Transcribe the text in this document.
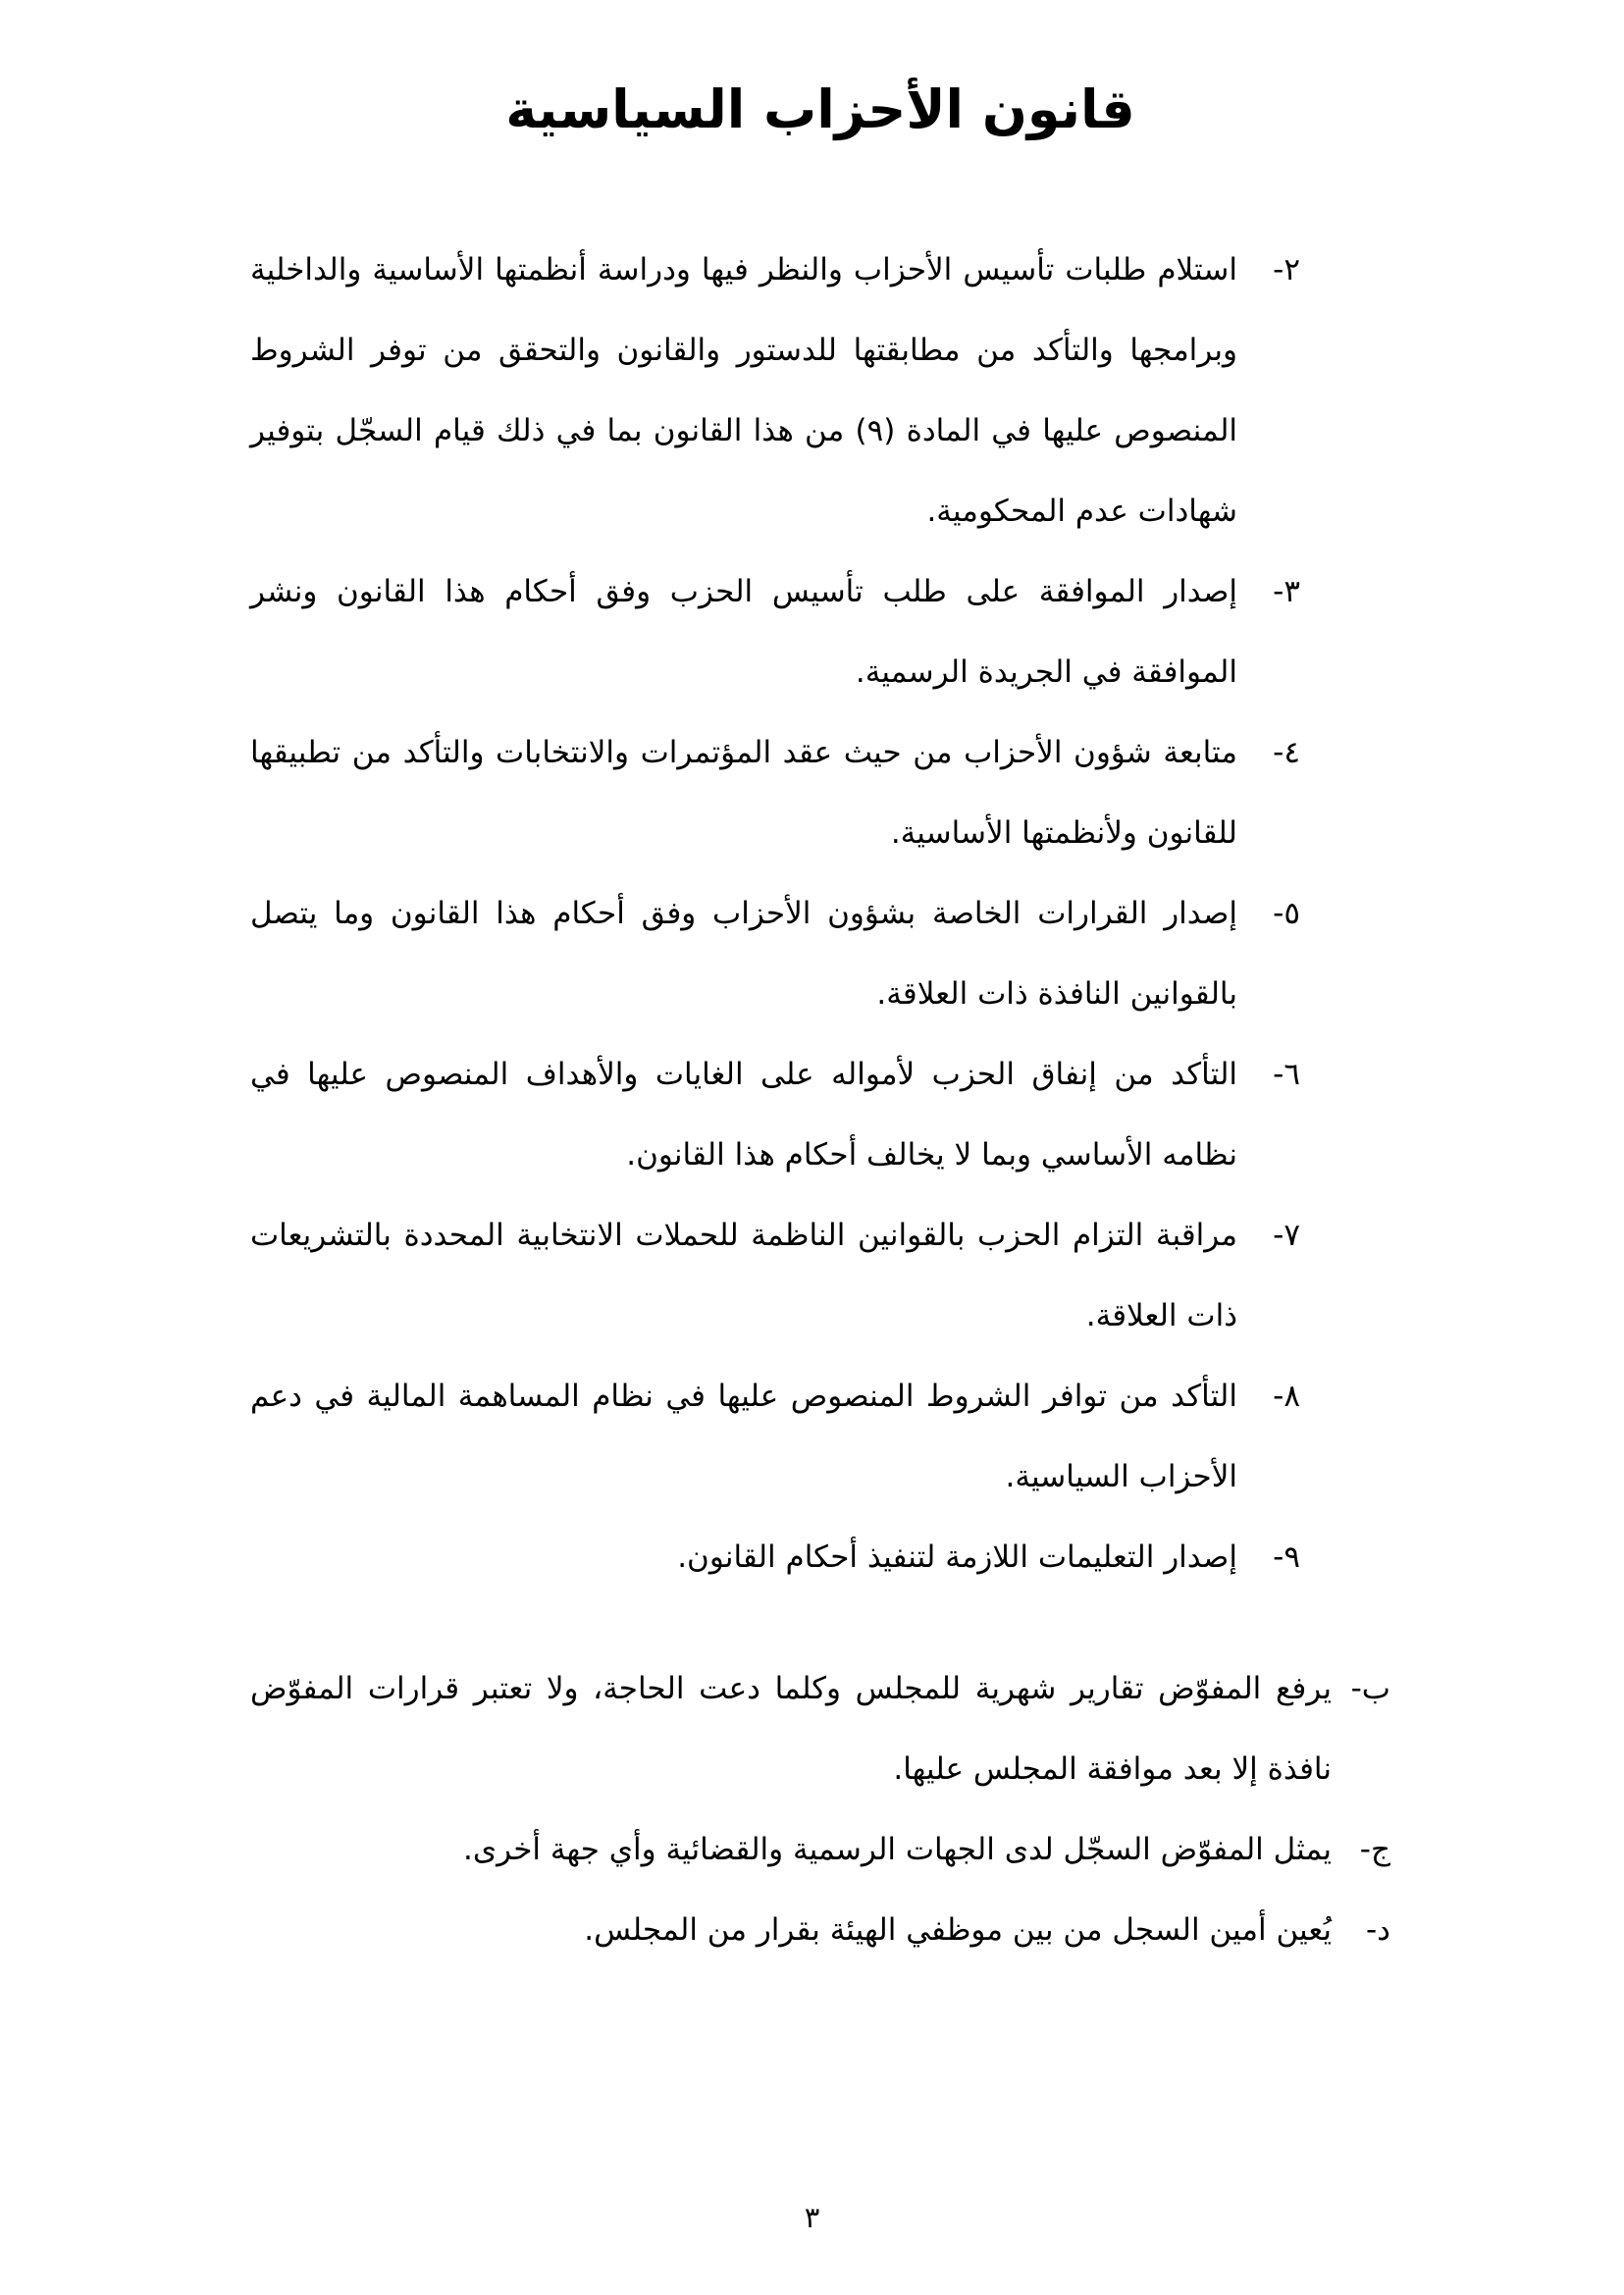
قانون الأحزاب السياسية
٢-

استلام طلبات تأسيس الأحزاب والنظر فيها ودراسة أنظمتها الأساسية والداخلية وبرامجها والتأكد من مطابقتها للدستور والقانون والتحقق من توفر الشروط المنصوص عليها في المادة (٩) من هذا القانون بما في ذلك قيام السجّل بتوفير شهادات عدم المحكومية.

٣-

إصدار الموافقة على طلب تأسيس الحزب وفق أحكام هذا القانون ونشر الموافقة في الجريدة الرسمية.

٤-

متابعة شؤون الأحزاب من حيث عقد المؤتمرات والانتخابات والتأكد من تطبيقها للقانون ولأنظمتها الأساسية.

٥-

إصدار القرارات الخاصة بشؤون الأحزاب وفق أحكام هذا القانون وما يتصل بالقوانين النافذة ذات العلاقة.

٦-

التأكد من إنفاق الحزب لأمواله على الغايات والأهداف المنصوص عليها في نظامه الأساسي وبما لا يخالف أحكام هذا القانون.

٧-

مراقبة التزام الحزب بالقوانين الناظمة للحملات الانتخابية المحددة بالتشريعات ذات العلاقة.

٨-

التأكد من توافر الشروط المنصوص عليها في نظام المساهمة المالية في دعم الأحزاب السياسية.

٩-

إصدار التعليمات اللازمة لتنفيذ أحكام القانون.

ب-

يرفع المفوّض تقارير شهرية للمجلس وكلما دعت الحاجة، ولا تعتبر قرارات المفوّض نافذة إلا بعد موافقة المجلس عليها.

ج-

يمثل المفوّض السجّل لدى الجهات الرسمية والقضائية وأي جهة أخرى.

د-

يُعين أمين السجل من بين موظفي الهيئة بقرار من المجلس.

٣
